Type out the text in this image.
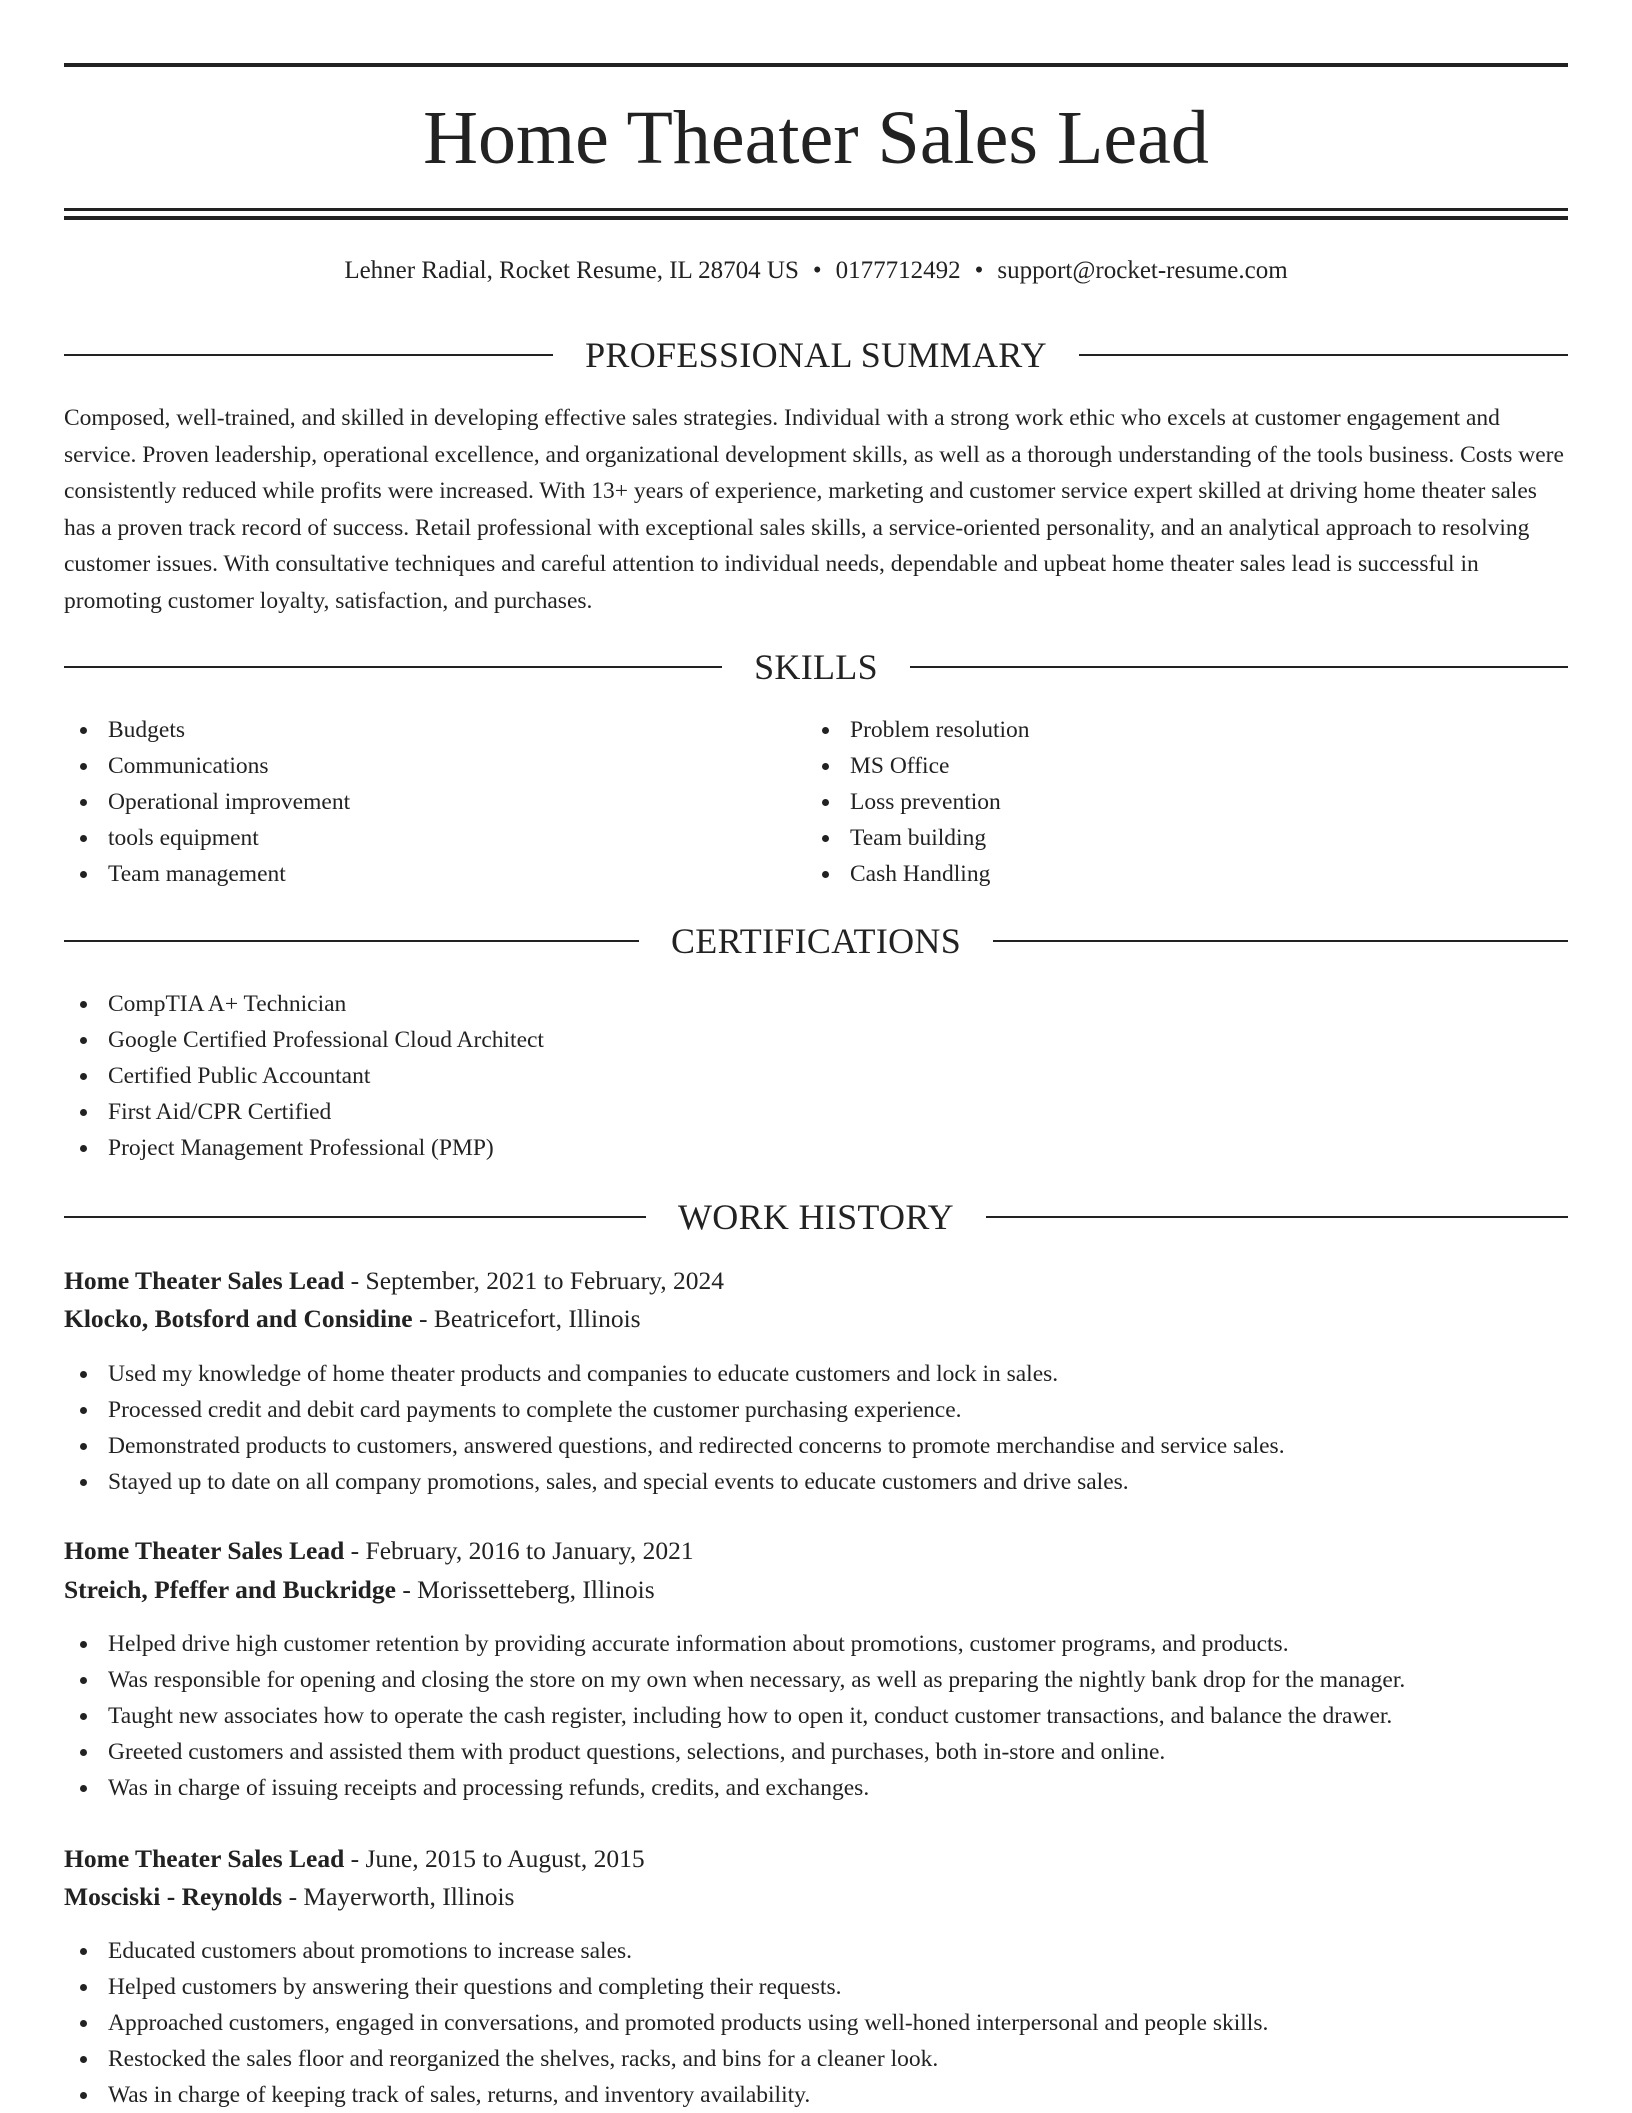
Home Theater Sales Lead
Lehner Radial, Rocket Resume, IL 28704 US • 0177712492 • support@rocket-resume.com
PROFESSIONAL SUMMARY

Composed, well-trained, and skilled in developing effective sales strategies. Individual with a strong work ethic who excels at customer engagement and service. Proven leadership, operational excellence, and organizational development skills, as well as a thorough understanding of the tools business. Costs were consistently reduced while profits were increased. With 13+ years of experience, marketing and customer service expert skilled at driving home theater sales has a proven track record of success. Retail professional with exceptional sales skills, a service-oriented personality, and an analytical approach to resolving customer issues. With consultative techniques and careful attention to individual needs, dependable and upbeat home theater sales lead is successful in promoting customer loyalty, satisfaction, and purchases.

SKILLS
Budgets
Communications
Operational improvement
tools equipment
Team management
Problem resolution
MS Office
Loss prevention
Team building
Cash Handling
CERTIFICATIONS
CompTIA A+ Technician
Google Certified Professional Cloud Architect
Certified Public Accountant
First Aid/CPR Certified
Project Management Professional (PMP)
WORK HISTORY
Home Theater Sales Lead - September, 2021 to February, 2024
Klocko, Botsford and Considine - Beatricefort, Illinois
Used my knowledge of home theater products and companies to educate customers and lock in sales.
Processed credit and debit card payments to complete the customer purchasing experience.
Demonstrated products to customers, answered questions, and redirected concerns to promote merchandise and service sales.
Stayed up to date on all company promotions, sales, and special events to educate customers and drive sales.
Home Theater Sales Lead - February, 2016 to January, 2021
Streich, Pfeffer and Buckridge - Morissetteberg, Illinois
Helped drive high customer retention by providing accurate information about promotions, customer programs, and products.
Was responsible for opening and closing the store on my own when necessary, as well as preparing the nightly bank drop for the manager.
Taught new associates how to operate the cash register, including how to open it, conduct customer transactions, and balance the drawer.
Greeted customers and assisted them with product questions, selections, and purchases, both in-store and online.
Was in charge of issuing receipts and processing refunds, credits, and exchanges.
Home Theater Sales Lead - June, 2015 to August, 2015
Mosciski - Reynolds - Mayerworth, Illinois
Educated customers about promotions to increase sales.
Helped customers by answering their questions and completing their requests.
Approached customers, engaged in conversations, and promoted products using well-honed interpersonal and people skills.
Restocked the sales floor and reorganized the shelves, racks, and bins for a cleaner look.
Was in charge of keeping track of sales, returns, and inventory availability.
